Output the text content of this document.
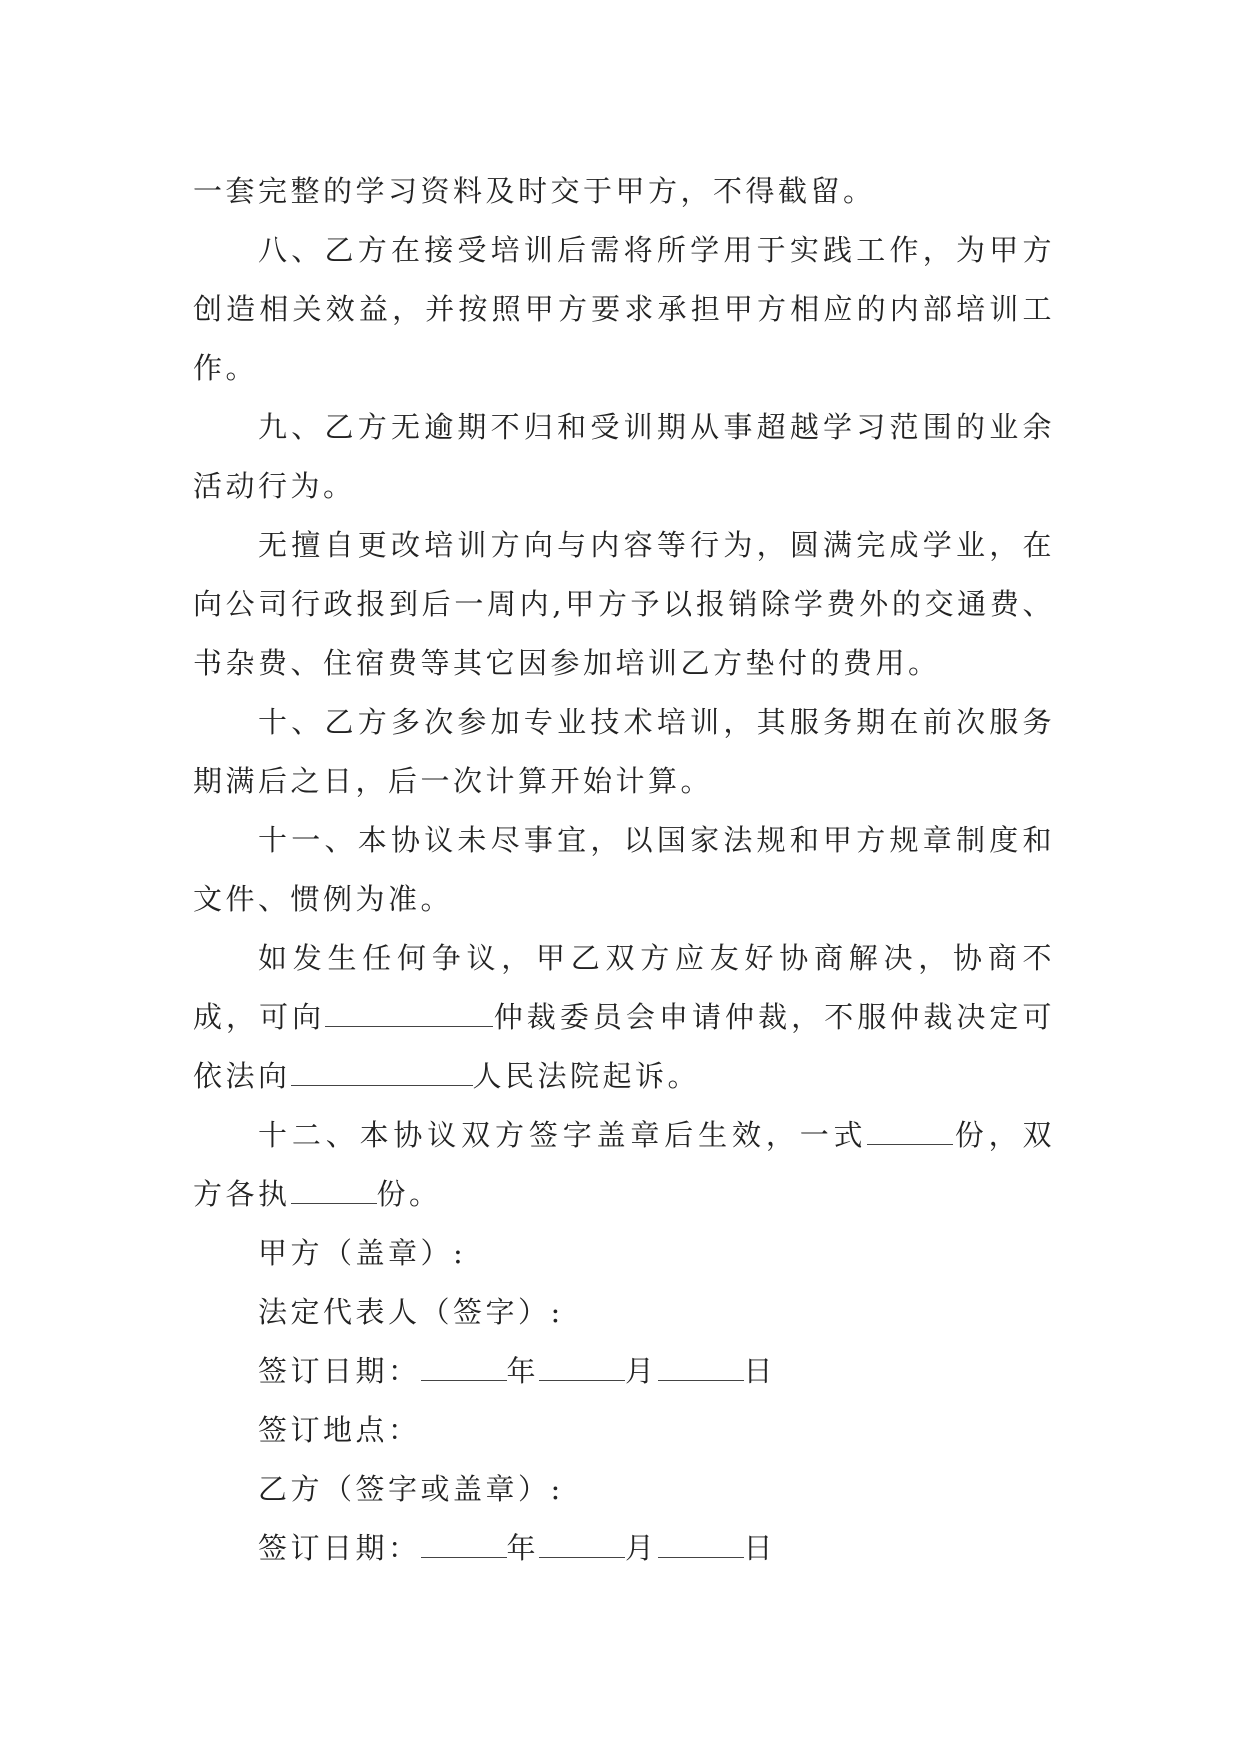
一套完整的学习资料及时交于甲方，不得截留。

八、乙方在接受培训后需将所学用于实践工作，为甲方创造相关效益，并按照甲方要求承担甲方相应的内部培训工作。

九、乙方无逾期不归和受训期从事超越学习范围的业余活动行为。

无擅自更改培训方向与内容等行为，圆满完成学业，在向公司行政报到后一周内,甲方予以报销除学费外的交通费、书杂费、住宿费等其它因参加培训乙方垫付的费用。

十、乙方多次参加专业技术培训，其服务期在前次服务期满后之日，后一次计算开始计算。

十一、本协议未尽事宜，以国家法规和甲方规章制度和文件、惯例为准。

如发生任何争议，甲乙双方应友好协商解决，协商不成，可向	仲裁委员会申请仲裁，不服仲裁决定可依法向	人民法院起诉。

十二、本协议双方签字盖章后生效，一式	份，双方各执	份。

甲方（盖章）:

法定代表人（签字）:

签订日期：	年	月	日

签订地点：

乙方（签字或盖章）:

签订日期：	年	月	日
